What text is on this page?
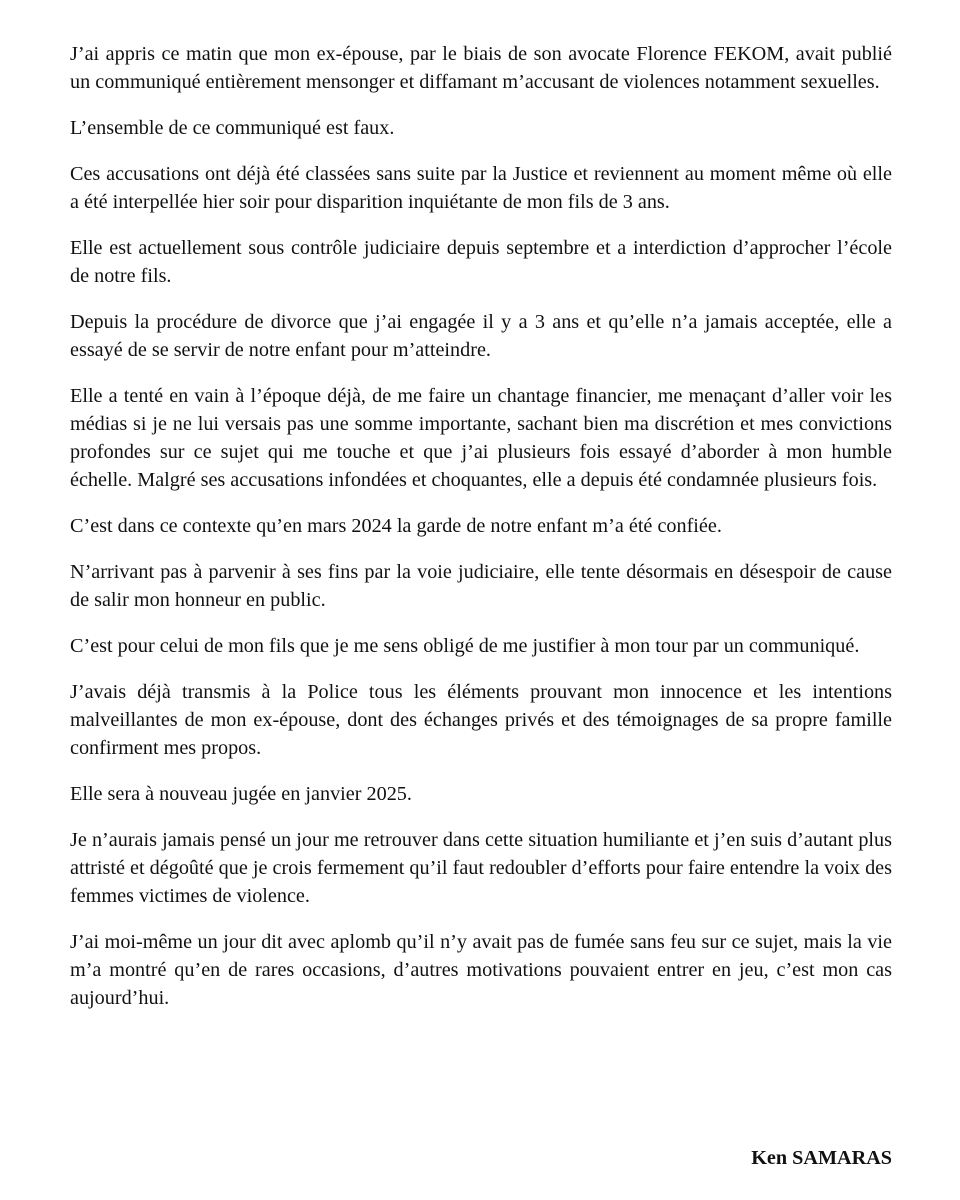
J’ai appris ce matin que mon ex-épouse, par le biais de son avocate Florence FEKOM, avait publié un communiqué entièrement mensonger et diffamant m’accusant de violences notamment sexuelles.

L’ensemble de ce communiqué est faux.

Ces accusations ont déjà été classées sans suite par la Justice et reviennent au moment même où elle a été interpellée hier soir pour disparition inquiétante de mon fils de 3 ans.

Elle est actuellement sous contrôle judiciaire depuis septembre et a interdiction d’approcher l’école de notre fils.

Depuis la procédure de divorce que j’ai engagée il y a 3 ans et qu’elle n’a jamais acceptée, elle a essayé de se servir de notre enfant pour m’atteindre.

Elle a tenté en vain à l’époque déjà, de me faire un chantage financier, me menaçant d’aller voir les médias si je ne lui versais pas une somme importante, sachant bien ma discrétion et mes convictions profondes sur ce sujet qui me touche et que j’ai plusieurs fois essayé d’aborder à mon humble échelle. Malgré ses accusations infondées et choquantes, elle a depuis été condamnée plusieurs fois.

C’est dans ce contexte qu’en mars 2024 la garde de notre enfant m’a été confiée.

N’arrivant pas à parvenir à ses fins par la voie judiciaire, elle tente désormais en désespoir de cause de salir mon honneur en public.

C’est pour celui de mon fils que je me sens obligé de me justifier à mon tour par un communiqué.

J’avais déjà transmis à la Police tous les éléments prouvant mon innocence et les intentions malveillantes de mon ex-épouse, dont des échanges privés et des témoignages de sa propre famille confirment mes propos.

Elle sera à nouveau jugée en janvier 2025.

Je n’aurais jamais pensé un jour me retrouver dans cette situation humiliante et j’en suis d’autant plus attristé et dégoûté que je crois fermement qu’il faut redoubler d’efforts pour faire entendre la voix des femmes victimes de violence.

J’ai moi-même un jour dit avec aplomb qu’il n’y avait pas de fumée sans feu sur ce sujet, mais la vie m’a montré qu’en de rares occasions, d’autres motivations pouvaient entrer en jeu, c’est mon cas aujourd’hui.

Ken SAMARAS
